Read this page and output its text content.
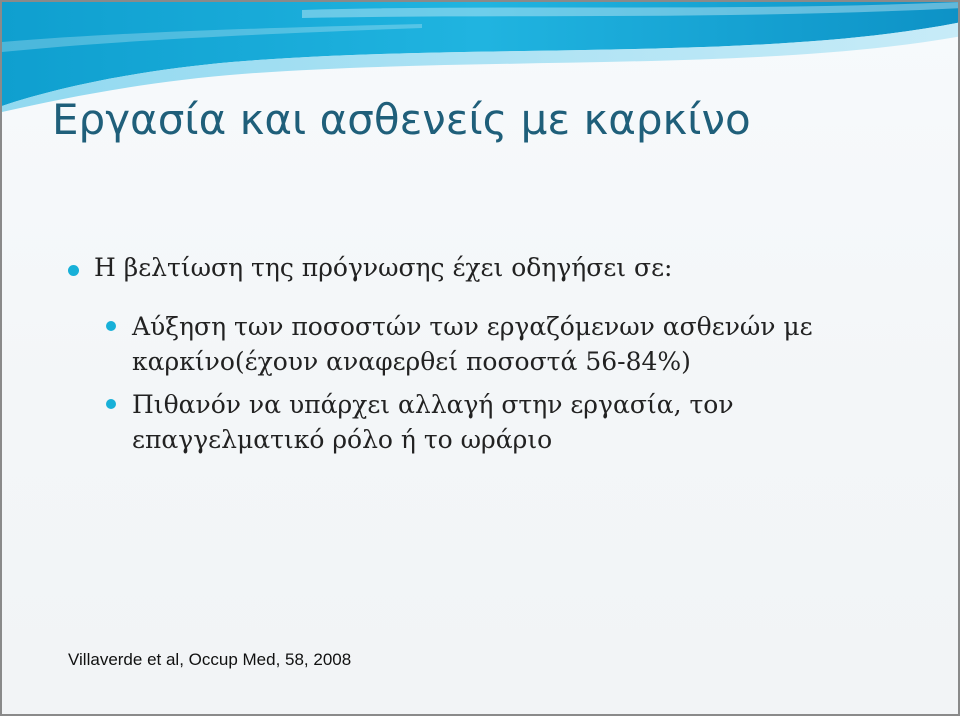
Εργασία και ασθενείς με καρκίνο
Η βελτίωση της πρόγνωσης έχει οδηγήσει σε:
Αύξηση των ποσοστών των εργαζόμενων ασθενών με καρκίνο(έχουν αναφερθεί ποσοστά 56-84%)
Πιθανόν να υπάρχει αλλαγή στην εργασία, τον επαγγελματικό ρόλο ή το ωράριο
Villaverde et al, Occup Med, 58, 2008
